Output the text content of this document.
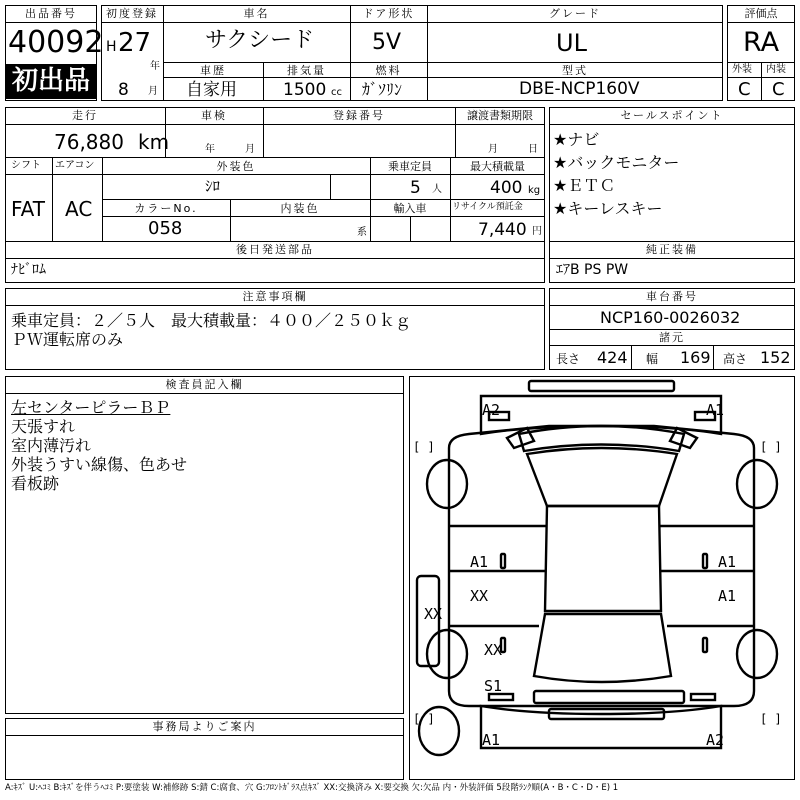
出品番号
40092
初出品
初度登録
H 27
年
8 月
車名
サクシード
ドア形状
5V
グレード
UL
車歴
自家用
排気量
1500 cc
燃料
ｶﾞｿﾘﾝ
型式
DBE-NCP160V
評価点
RA
外装 内装
C C
走行
76,880 km
車検
年	月
登録番号	譲渡書類期限
月	日
シフト
FAT
エアコン
AC
外装色
ｼﾛ
乗車定員
5 人
最大積載量
400 kg
カラーNo.
058
内装色
系
輸入車	リサイクル預託金
7,440 円
後日発送部品
ﾅﾋﾞﾛﾑ
セールスポイント
★ナビ
★バックモニター
★ＥＴＣ
★キーレスキー
純正装備
ｴｱB PS PW
注意事項欄
乗車定員：２／５人　最大積載量：４００／２５０ｋｇ
ＰＷ運転席のみ
車台番号
NCP160-0026032
諸元
長さ 424 幅 169 高さ 152
検査員記入欄
左センターピラーＢＰ
天張すれ
室内薄汚れ
外装うすい線傷、色あせ
看板跡
[ ]	[ ]
[ ]	[ ]
A2	A1
A1	A1
XX	A1
XX
XX
S1
A1	A2
事務局よりご案内
A:ｷｽﾞ U:ﾍｺﾐ B:ｷｽﾞを伴うﾍｺﾐ P:要塗装 W:補修跡 S:錆 C:腐食、穴 G:ﾌﾛﾝﾄｶﾞﾗｽ点ｷｽﾞ XX:交換済み X:要交換 欠:欠品 内・外装評価 5段階ﾗﾝｸ順(A・B・C・D・E) 1
